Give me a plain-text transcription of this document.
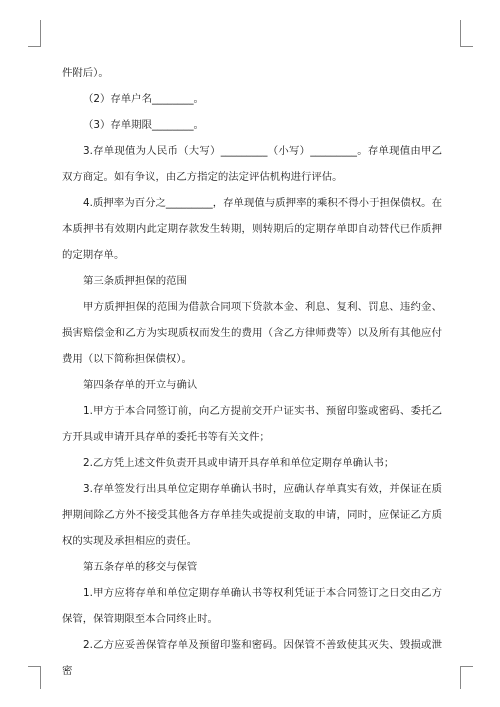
件附后）。

（2）存单户名________。

（3）存单期限________。

3.存单现值为人民币（大写）_________（小写）_________。存单现值由甲乙双方商定。如有争议，由乙方指定的法定评估机构进行评估。

4.质押率为百分之_________，存单现值与质押率的乘积不得小于担保债权。在本质押书有效期内此定期存款发生转期，则转期后的定期存单即自动替代已作质押的定期存单。

第三条质押担保的范围

甲方质押担保的范围为借款合同项下贷款本金、利息、复利、罚息、违约金、损害赔偿金和乙方为实现质权而发生的费用（含乙方律师费等）以及所有其他应付费用（以下简称担保债权）。

第四条存单的开立与确认

1.甲方于本合同签订前，向乙方提前交开户证实书、预留印鉴或密码、委托乙方开具或申请开具存单的委托书等有关文件；

2.乙方凭上述文件负责开具或申请开具存单和单位定期存单确认书；

3.存单签发行出具单位定期存单确认书时，应确认存单真实有效，并保证在质押期间除乙方外不接受其他各方存单挂失或提前支取的申请，同时，应保证乙方质权的实现及承担相应的责任。

第五条存单的移交与保管

1.甲方应将存单和单位定期存单确认书等权利凭证于本合同签订之日交由乙方保管，保管期限至本合同终止时。

2.乙方应妥善保管存单及预留印鉴和密码。因保管不善致使其灭失、毁损或泄密
